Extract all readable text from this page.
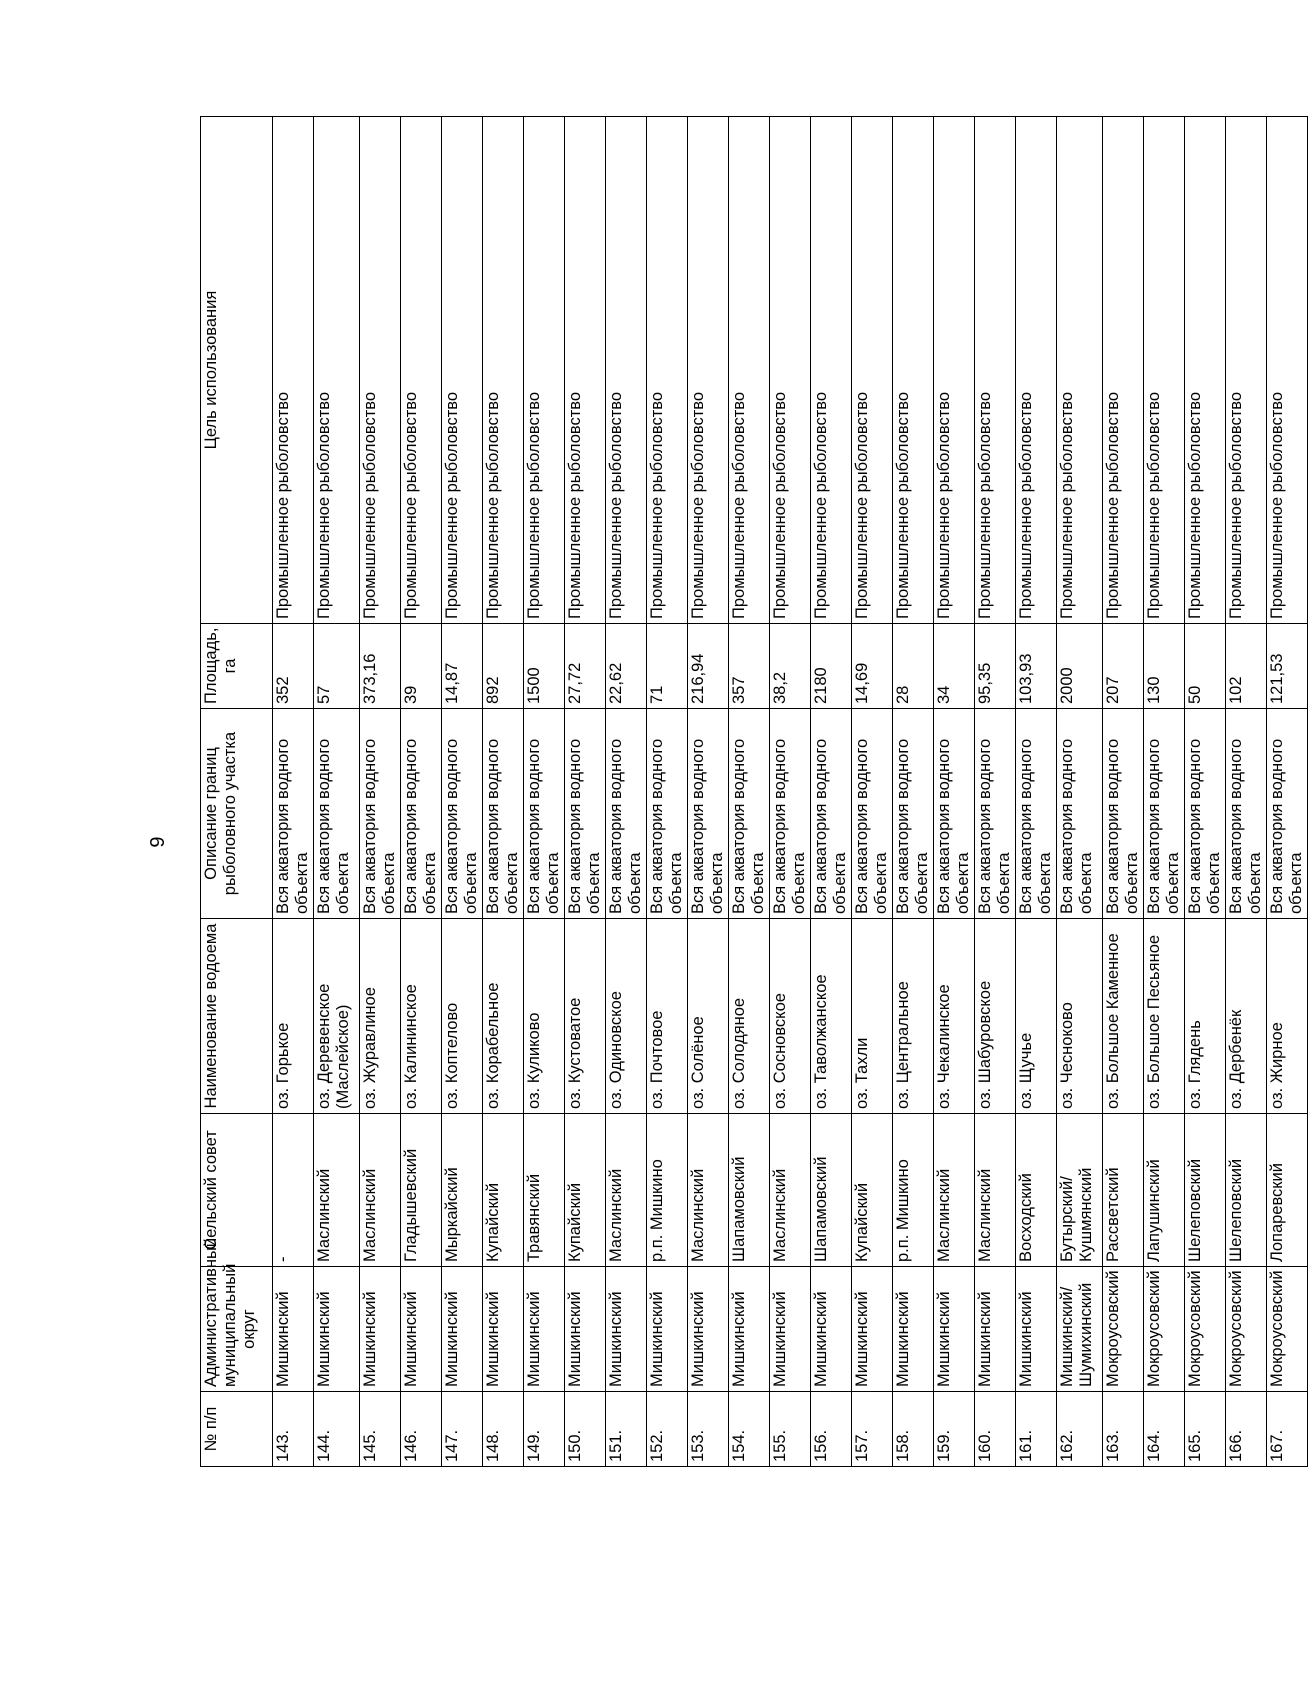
9
№ п/п	Административный муниципальный округ	Сельский совет	Наименование водоема	Описание границ рыболовного участка	Площадь, га	Цель использования
143.	Мишкинский	-	оз. Горькое	Вся акватория водного объекта	352	Промышленное рыболовство
144.	Мишкинский	Маслинский	оз. Деревенское (Маслейское)	Вся акватория водного объекта	57	Промышленное рыболовство
145.	Мишкинский	Маслинский	оз. Журавлиное	Вся акватория водного объекта	373,16	Промышленное рыболовство
146.	Мишкинский	Гладышевский	оз. Калининское	Вся акватория водного объекта	39	Промышленное рыболовство
147.	Мишкинский	Мыркайский	оз. Коптелово	Вся акватория водного объекта	14,87	Промышленное рыболовство
148.	Мишкинский	Купайский	оз. Корабельное	Вся акватория водного объекта	892	Промышленное рыболовство
149.	Мишкинский	Травянский	оз. Куликово	Вся акватория водного объекта	1500	Промышленное рыболовство
150.	Мишкинский	Купайский	оз. Кустоватое	Вся акватория водного объекта	27,72	Промышленное рыболовство
151.	Мишкинский	Маслинский	оз. Одиновское	Вся акватория водного объекта	22,62	Промышленное рыболовство
152.	Мишкинский	р.п. Мишкино	оз. Почтовое	Вся акватория водного объекта	71	Промышленное рыболовство
153.	Мишкинский	Маслинский	оз. Солёное	Вся акватория водного объекта	216,94	Промышленное рыболовство
154.	Мишкинский	Шапамовский	оз. Солодяное	Вся акватория водного объекта	357	Промышленное рыболовство
155.	Мишкинский	Маслинский	оз. Сосновское	Вся акватория водного объекта	38,2	Промышленное рыболовство
156.	Мишкинский	Шапамовский	оз. Таволжанское	Вся акватория водного объекта	2180	Промышленное рыболовство
157.	Мишкинский	Купайский	оз. Тахли	Вся акватория водного объекта	14,69	Промышленное рыболовство
158.	Мишкинский	р.п. Мишкино	оз. Центральное	Вся акватория водного объекта	28	Промышленное рыболовство
159.	Мишкинский	Маслинский	оз. Чекалинское	Вся акватория водного объекта	34	Промышленное рыболовство
160.	Мишкинский	Маслинский	оз. Шабуровское	Вся акватория водного объекта	95,35	Промышленное рыболовство
161.	Мишкинский	Восходский	оз. Щучье	Вся акватория водного объекта	103,93	Промышленное рыболовство
162.	Мишкинский/ Шумихинский	Бутырский/Кушмянский	оз. Чесноково	Вся акватория водного объекта	2000	Промышленное рыболовство
163.	Мокроусовский	Рассветский	оз. Большое Каменное	Вся акватория водного объекта	207	Промышленное рыболовство
164.	Мокроусовский	Лапушинский	оз. Большое Песьяное	Вся акватория водного объекта	130	Промышленное рыболовство
165.	Мокроусовский	Шелеповский	оз. Глядень	Вся акватория водного объекта	50	Промышленное рыболовство
166.	Мокроусовский	Шелеповский	оз. Дербенёк	Вся акватория водного объекта	102	Промышленное рыболовство
167.	Мокроусовский	Лопаревский	оз. Жирное	Вся акватория водного объекта	121,53	Промышленное рыболовство
